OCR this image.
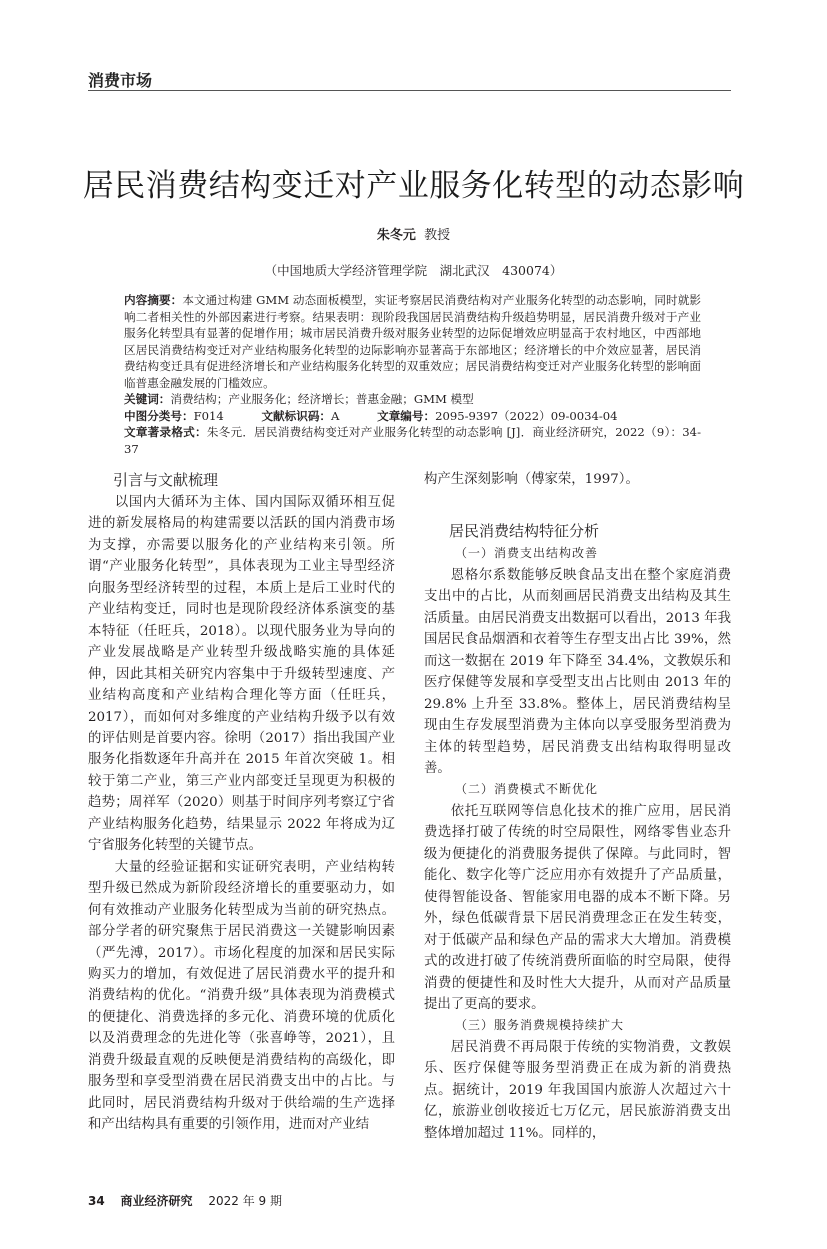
消费市场
居民消费结构变迁对产业服务化转型的动态影响
朱冬元 教授
（中国地质大学经济管理学院　湖北武汉　430074）
内容摘要：本文通过构建 GMM 动态面板模型，实证考察居民消费结构对产业服务化转型的动态影响，同时就影响二者相关性的外部因素进行考察。结果表明：现阶段我国居民消费结构升级趋势明显，居民消费升级对于产业服务化转型具有显著的促增作用；城市居民消费升级对服务业转型的边际促增效应明显高于农村地区，中西部地区居民消费结构变迁对产业结构服务化转型的边际影响亦显著高于东部地区；经济增长的中介效应显著，居民消费结构变迁具有促进经济增长和产业结构服务化转型的双重效应；居民消费结构变迁对产业服务化转型的影响面临普惠金融发展的门槛效应。
关键词：消费结构；产业服务化；经济增长；普惠金融；GMM 模型
中图分类号：F014	文献标识码：A	文章编号：2095-9397（2022）09-0034-04
文章著录格式：朱冬元．居民消费结构变迁对产业服务化转型的动态影响 [J]．商业经济研究，2022（9）：34-37
引言与文献梳理

以国内大循环为主体、国内国际双循环相互促进的新发展格局的构建需要以活跃的国内消费市场为支撑，亦需要以服务化的产业结构来引领。所谓“产业服务化转型”，具体表现为工业主导型经济向服务型经济转型的过程，本质上是后工业时代的产业结构变迁，同时也是现阶段经济体系演变的基本特征（任旺兵，2018）。以现代服务业为导向的产业发展战略是产业转型升级战略实施的具体延伸，因此其相关研究内容集中于升级转型速度、产业结构高度和产业结构合理化等方面（任旺兵，2017），而如何对多维度的产业结构升级予以有效的评估则是首要内容。徐明（2017）指出我国产业服务化指数逐年升高并在 2015 年首次突破 1。相较于第二产业，第三产业内部变迁呈现更为积极的趋势；周祥军（2020）则基于时间序列考察辽宁省产业结构服务化趋势，结果显示 2022 年将成为辽宁省服务化转型的关键节点。

大量的经验证据和实证研究表明，产业结构转型升级已然成为新阶段经济增长的重要驱动力，如何有效推动产业服务化转型成为当前的研究热点。部分学者的研究聚焦于居民消费这一关键影响因素（严先溥，2017）。市场化程度的加深和居民实际购买力的增加，有效促进了居民消费水平的提升和消费结构的优化。“消费升级”具体表现为消费模式的便捷化、消费选择的多元化、消费环境的优质化以及消费理念的先进化等（张喜峥等，2021），且消费升级最直观的反映便是消费结构的高级化，即服务型和享受型消费在居民消费支出中的占比。与此同时，居民消费结构升级对于供给端的生产选择和产出结构具有重要的引领作用，进而对产业结

构产生深刻影响（傅家荣，1997）。

居民消费结构特征分析
（一）消费支出结构改善

恩格尔系数能够反映食品支出在整个家庭消费支出中的占比，从而刻画居民消费支出结构及其生活质量。由居民消费支出数据可以看出，2013 年我国居民食品烟酒和衣着等生存型支出占比 39%，然而这一数据在 2019 年下降至 34.4%，文教娱乐和医疗保健等发展和享受型支出占比则由 2013 年的 29.8% 上升至 33.8%。整体上，居民消费结构呈现由生存发展型消费为主体向以享受服务型消费为主体的转型趋势，居民消费支出结构取得明显改善。

（二）消费模式不断优化

依托互联网等信息化技术的推广应用，居民消费选择打破了传统的时空局限性，网络零售业态升级为便捷化的消费服务提供了保障。与此同时，智能化、数字化等广泛应用亦有效提升了产品质量，使得智能设备、智能家用电器的成本不断下降。另外，绿色低碳背景下居民消费理念正在发生转变，对于低碳产品和绿色产品的需求大大增加。消费模式的改进打破了传统消费所面临的时空局限，使得消费的便捷性和及时性大大提升，从而对产品质量提出了更高的要求。

（三）服务消费规模持续扩大

居民消费不再局限于传统的实物消费，文教娱乐、医疗保健等服务型消费正在成为新的消费热点。据统计，2019 年我国国内旅游人次超过六十亿，旅游业创收接近七万亿元，居民旅游消费支出整体增加超过 11%。同样的，

34 商业经济研究 2022 年 9 期
